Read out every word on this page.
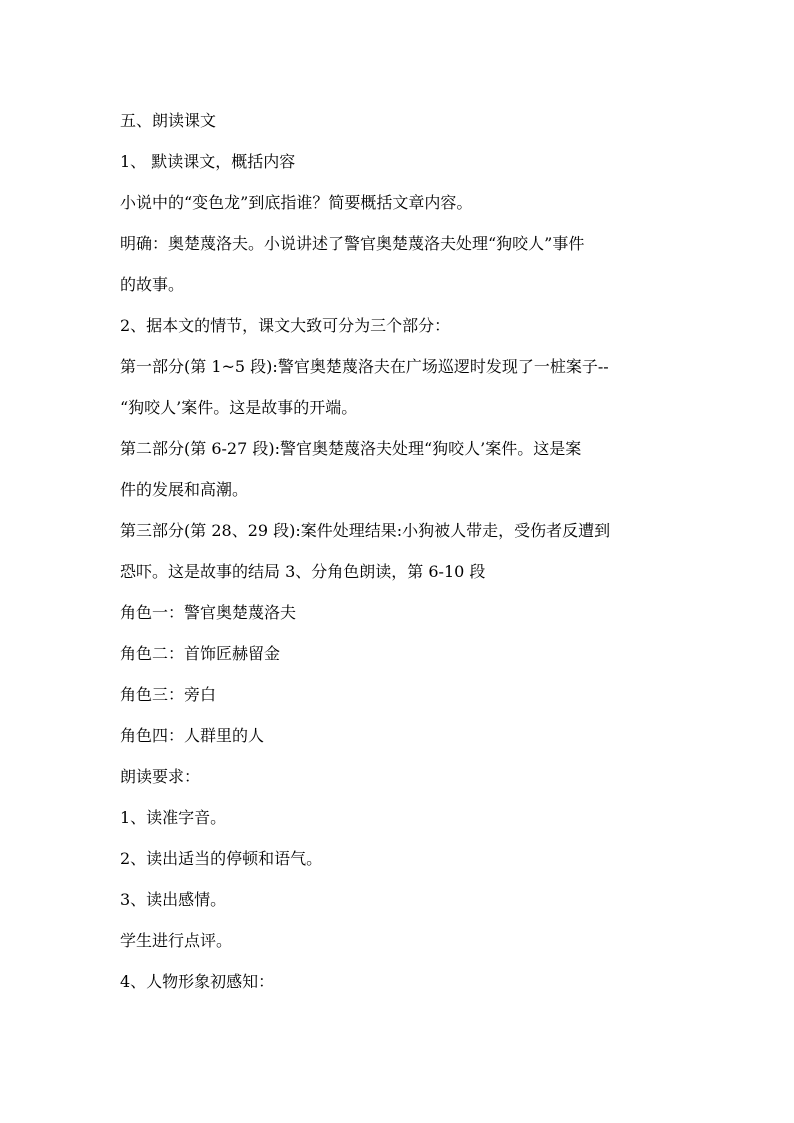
五、朗读课文
1、 默读课文，概括内容
小说中的“变色龙”到底指谁？简要概括文章内容。
明确：奥楚蔑洛夫。小说讲述了警官奥楚蔑洛夫处理“狗咬人”事件
的故事。
2、据本文的情节，课文大致可分为三个部分：
第一部分(第 1~5 段):警官奥楚蔑洛夫在广场巡逻时发现了一桩案子--
“狗咬人’案件。这是故事的开端。
第二部分(第 6-27 段):警官奥楚蔑洛夫处理“狗咬人’案件。这是案
件的发展和高潮。
第三部分(第 28、29 段):案件处理结果:小狗被人带走，受伤者反遭到
恐吓。这是故事的结局 3、分角色朗读，第 6-10 段
角色一：警官奥楚蔑洛夫
角色二：首饰匠赫留金
角色三：旁白
角色四：人群里的人
朗读要求：
1、读准字音。
2、读出适当的停顿和语气。
3、读出感情。
学生进行点评。
4、人物形象初感知：
